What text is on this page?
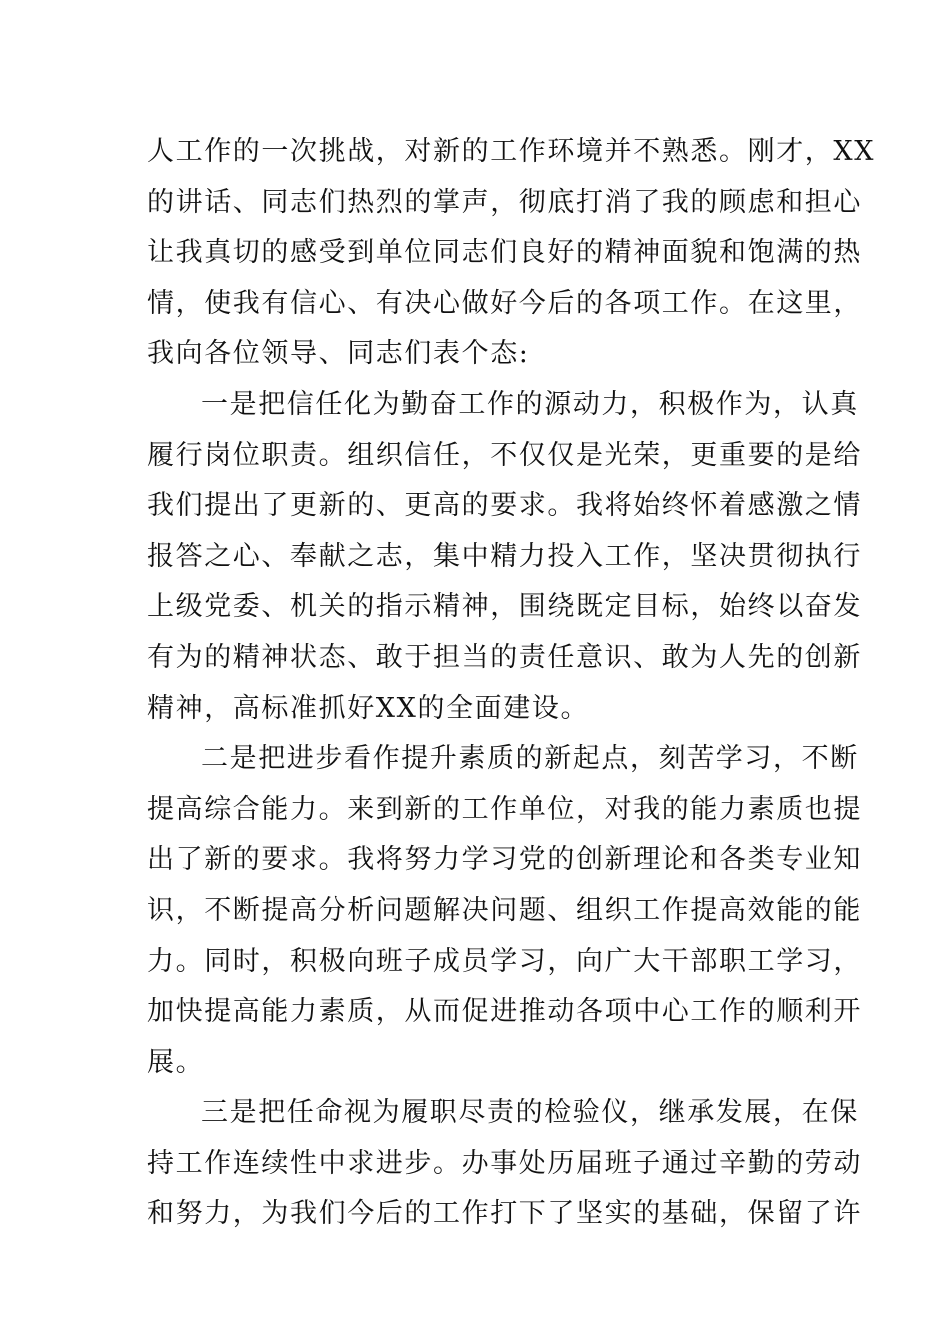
人工作的一次挑战，对新的工作环境并不熟悉。刚才，XX
的讲话、同志们热烈的掌声，彻底打消了我的顾虑和担心
让我真切的感受到单位同志们良好的精神面貌和饱满的热
情，使我有信心、有决心做好今后的各项工作。在这里，
我向各位领导、同志们表个态:
一是把信任化为勤奋工作的源动力，积极作为，认真
履行岗位职责。组织信任，不仅仅是光荣，更重要的是给
我们提出了更新的、更高的要求。我将始终怀着感激之情
报答之心、奉献之志，集中精力投入工作，坚决贯彻执行
上级党委、机关的指示精神，围绕既定目标，始终以奋发
有为的精神状态、敢于担当的责任意识、敢为人先的创新
精神，高标准抓好XX的全面建设。
二是把进步看作提升素质的新起点，刻苦学习，不断
提高综合能力。来到新的工作单位，对我的能力素质也提
出了新的要求。我将努力学习党的创新理论和各类专业知
识，不断提高分析问题解决问题、组织工作提高效能的能
力。同时，积极向班子成员学习，向广大干部职工学习，
加快提高能力素质，从而促进推动各项中心工作的顺利开
展。
三是把任命视为履职尽责的检验仪，继承发展，在保
持工作连续性中求进步。办事处历届班子通过辛勤的劳动
和努力，为我们今后的工作打下了坚实的基础，保留了许
